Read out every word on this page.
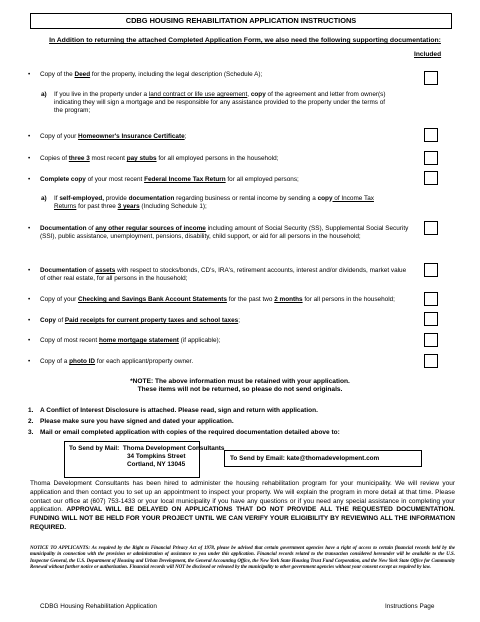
CDBG HOUSING REHABILITATION APPLICATION INSTRUCTIONS
In Addition to returning the attached Completed Application Form, we also need the following supporting documentation:
Included
• Copy of the Deed for the property, including the legal description (Schedule A);
a) If you live in the property under a land contract or life use agreement, copy of the agreement and letter from owner(s) indicating they will sign a mortgage and be responsible for any assistance provided to the property under the terms of the program;
• Copy of your Homeowner's Insurance Certificate;
• Copies of three 3 most recent pay stubs for all employed persons in the household;
• Complete copy of your most recent Federal Income Tax Return for all employed persons;
a) If self-employed, provide documentation regarding business or rental income by sending a copy of Income Tax Returns for past three 3 years (Including Schedule 1);
• Documentation of any other regular sources of income including amount of Social Security (SS), Supplemental Social Security (SSI), public assistance, unemployment, pensions, disability, child support, or aid for all persons in the household;
• Documentation of assets with respect to stocks/bonds, CD's, IRA's, retirement accounts, interest and/or dividends, market value of other real estate, for all persons in the household;
• Copy of your Checking and Savings Bank Account Statements for the past two 2 months for all persons in the household;
• Copy of Paid receipts for current property taxes and school taxes;
• Copy of most recent home mortgage statement (if applicable);
• Copy of a photo ID for each applicant/property owner.
*NOTE: The above information must be retained with your application.
These items will not be returned, so please do not send originals.
1. A Conflict of Interest Disclosure is attached. Please read, sign and return with application.
2. Please make sure you have signed and dated your application.
3. Mail or email completed application with copies of the required documentation detailed above to:
To Send by Mail: Thoma Development Consultants
34 Tompkins Street
Cortland, NY 13045
To Send by Email: kate@thomadevelopment.com
Thoma Development Consultants has been hired to administer the housing rehabilitation program for your municipality. We will review your application and then contact you to set up an appointment to inspect your property. We will explain the program in more detail at that time. Please contact our office at (607) 753-1433 or your local municipality if you have any questions or if you need any special assistance in completing your application. APPROVAL WILL BE DELAYED ON APPLICATIONS THAT DO NOT PROVIDE ALL THE REQUESTED DOCUMENTATION. FUNDING WILL NOT BE HELD FOR YOUR PROJECT UNTIL WE CAN VERIFY YOUR ELIGIBILITY BY REVIEWING ALL THE INFORMATION REQUIRED.
NOTICE TO APPLICANTS: As required by the Right to Financial Privacy Act of 1978, please be advised that certain government agencies have a right of access to certain financial records held by the municipality in connection with the provision or administration of assistance to you under this application. Financial records related to the transaction considered hereunder will be available to the U.S. Inspector General, the U.S. Department of Housing and Urban Development, the General Accounting Office, the New York State Housing Trust Fund Corporation, and the New York State Office for Community Renewal without further notice or authorization. Financial records will NOT be disclosed or released by the municipality to other government agencies without your consent except as required by law.
CDBG Housing Rehabilitation Application	Instructions Page
